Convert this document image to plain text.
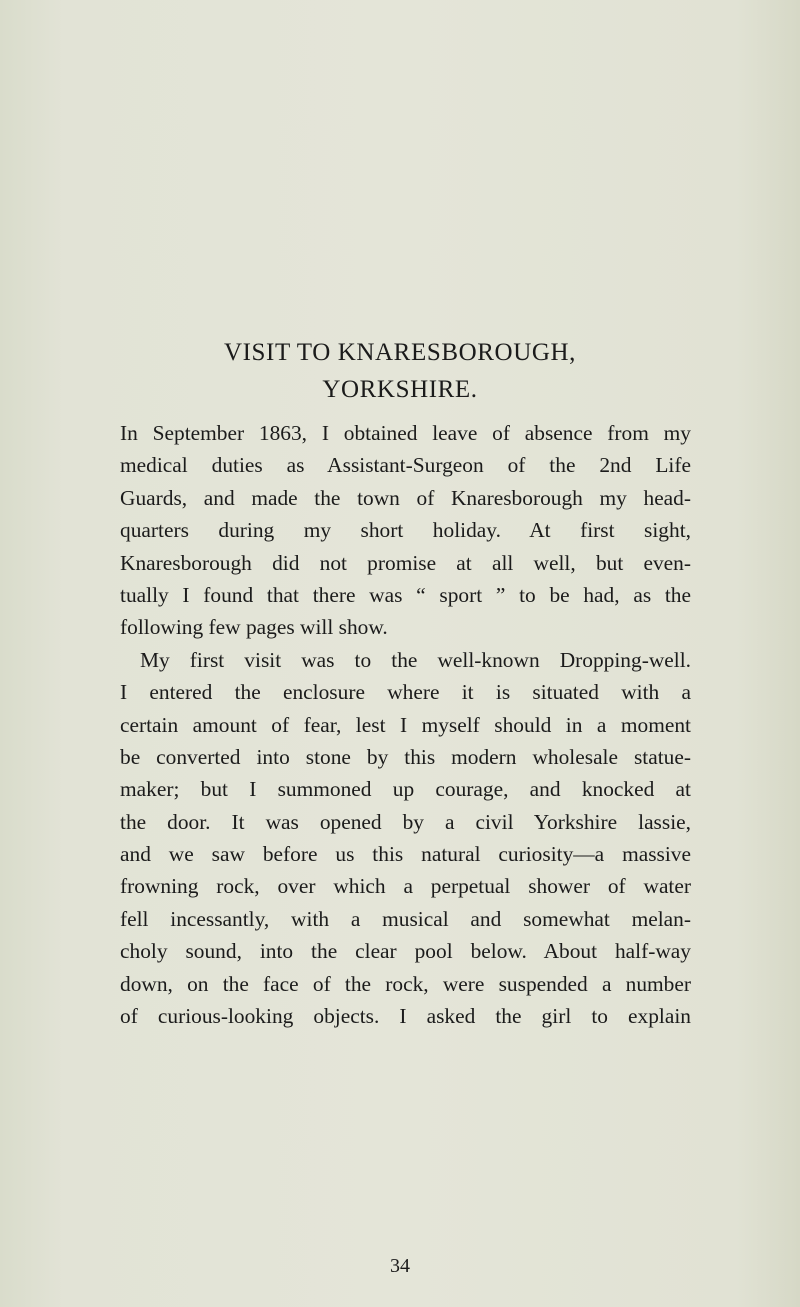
VISIT TO KNARESBOROUGH,
YORKSHIRE.
In September 1863, I obtained leave of absence from my
medical duties as Assistant-Surgeon of the 2nd Life
Guards, and made the town of Knaresborough my head-
quarters during my short holiday. At first sight,
Knaresborough did not promise at all well, but even-
tually I found that there was “ sport ” to be had, as the
following few pages will show.
My first visit was to the well-known Dropping-well.
I entered the enclosure where it is situated with a
certain amount of fear, lest I myself should in a moment
be converted into stone by this modern wholesale statue-
maker; but I summoned up courage, and knocked at
the door. It was opened by a civil Yorkshire lassie,
and we saw before us this natural curiosity—a massive
frowning rock, over which a perpetual shower of water
fell incessantly, with a musical and somewhat melan-
choly sound, into the clear pool below. About half-way
down, on the face of the rock, were suspended a number
of curious-looking objects. I asked the girl to explain
34
